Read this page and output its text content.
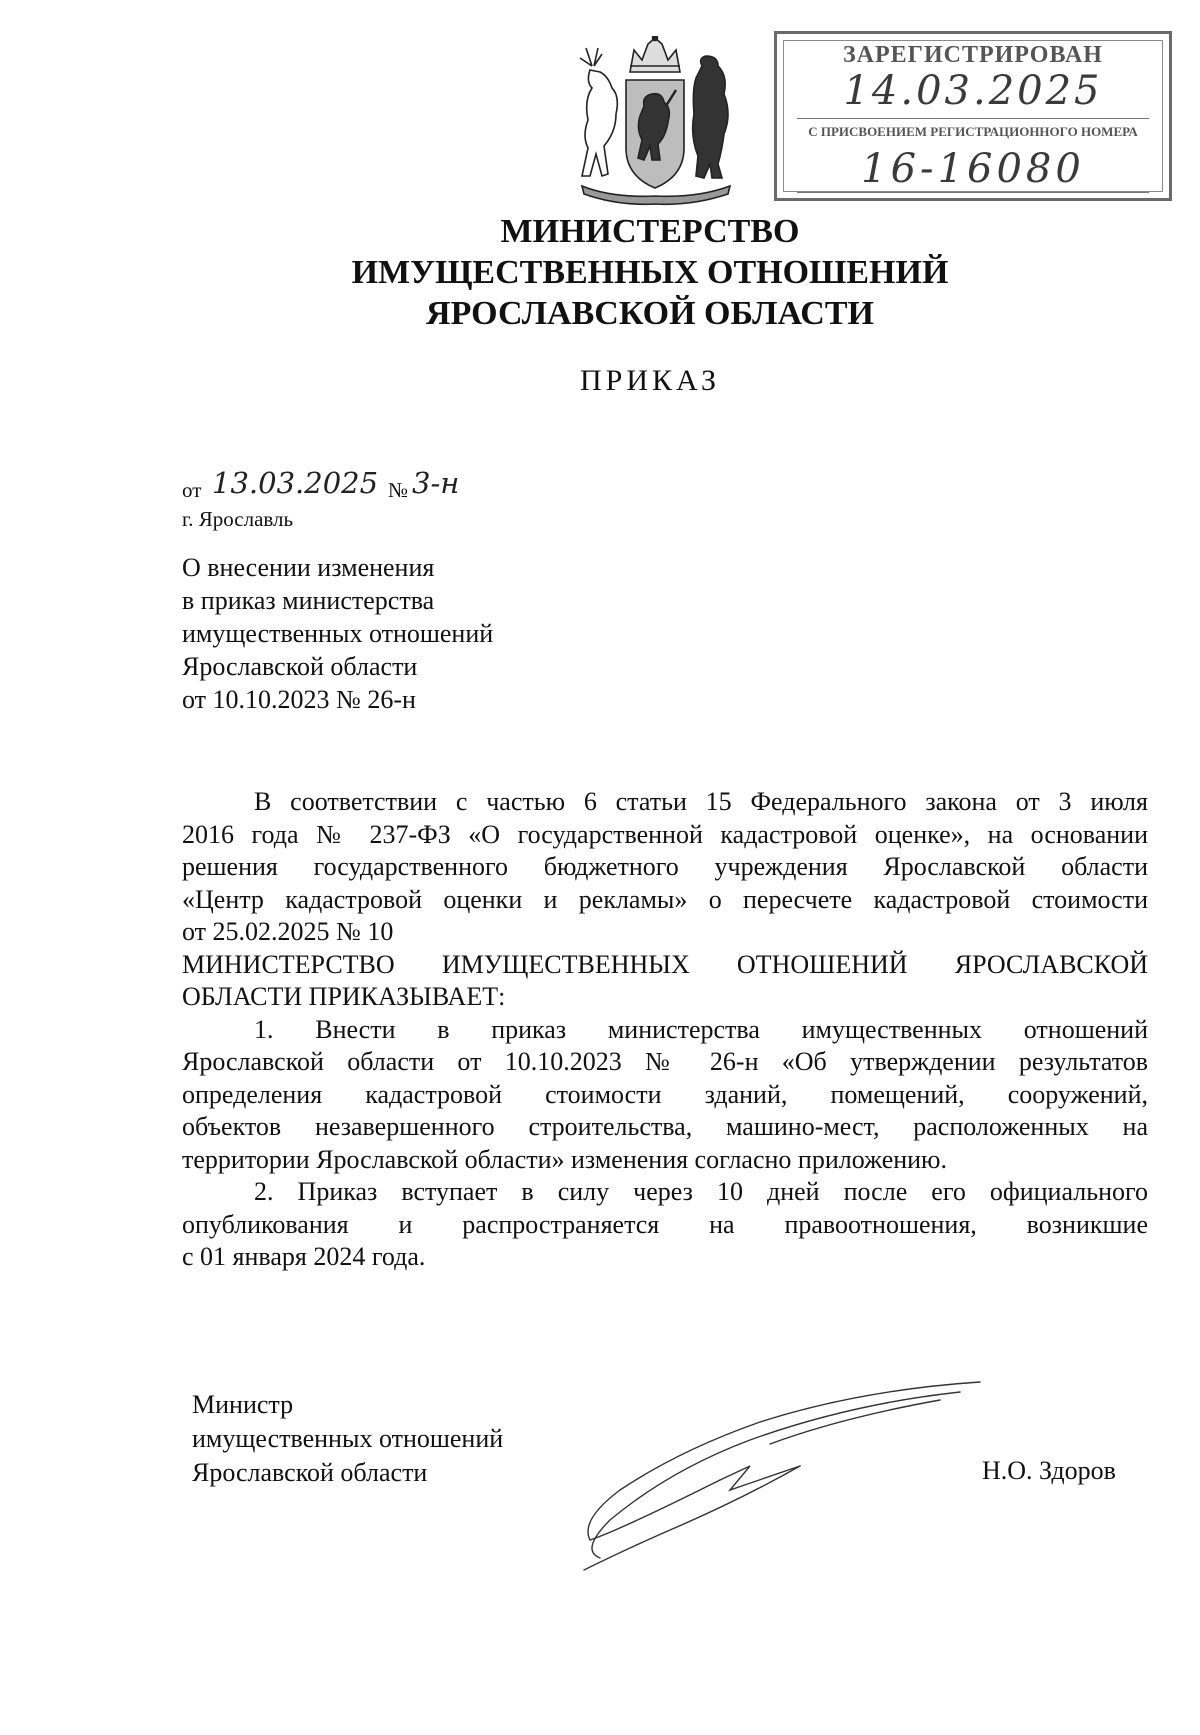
ЗАРЕГИСТРИРОВАН
14.03.2025
С ПРИСВОЕНИЕМ РЕГИСТРАЦИОННОГО НОМЕРА
16-16080
МИНИСТЕРСТВО
ИМУЩЕСТВЕННЫХ ОТНОШЕНИЙ
ЯРОСЛАВСКОЙ ОБЛАСТИ
ПРИКАЗ
от 13.03.2025 № 3-н
г. Ярославль
О внесении изменения
в приказ министерства
имущественных отношений
Ярославской области
от 10.10.2023 № 26-н
В соответствии с частью 6 статьи 15 Федерального закона от 3 июля
2016 года № 237-ФЗ «О государственной кадастровой оценке», на основании
решения государственного бюджетного учреждения Ярославской области
«Центр кадастровой оценки и рекламы» о пересчете кадастровой стоимости
от 25.02.2025 № 10
МИНИСТЕРСТВО ИМУЩЕСТВЕННЫХ ОТНОШЕНИЙ ЯРОСЛАВСКОЙ
ОБЛАСТИ ПРИКАЗЫВАЕТ:
1. Внести в приказ министерства имущественных отношений
Ярославской области от 10.10.2023 № 26-н «Об утверждении результатов
определения кадастровой стоимости зданий, помещений, сооружений,
объектов незавершенного строительства, машино-мест, расположенных на
территории Ярославской области» изменения согласно приложению.
2. Приказ вступает в силу через 10 дней после его официального
опубликования и распространяется на правоотношения, возникшие
с 01 января 2024 года.
Министр
имущественных отношений
Ярославской области	Н.О. Здоров
